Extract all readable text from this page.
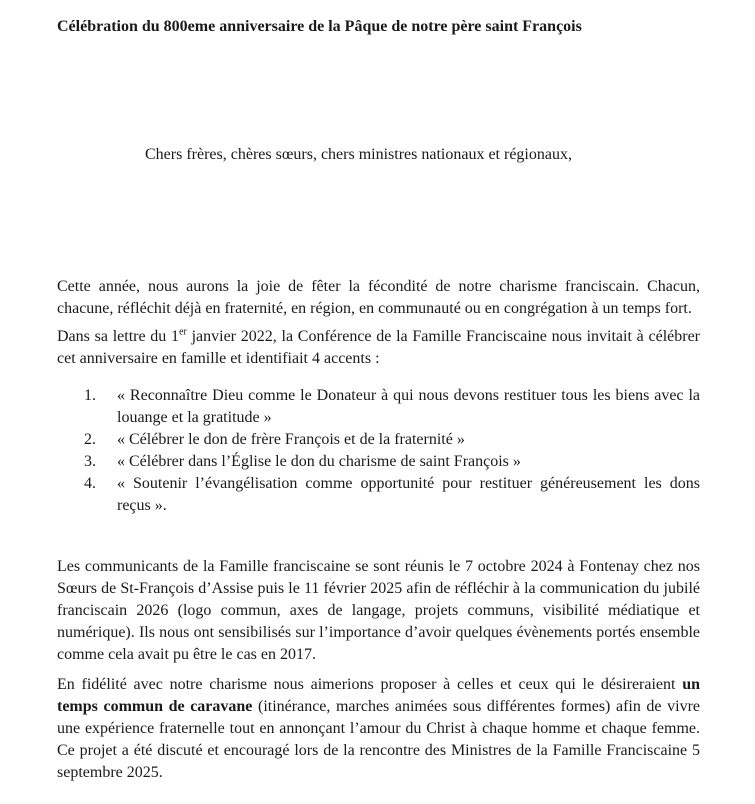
Célébration du 800eme anniversaire de la Pâque de notre père saint François

Chers frères, chères sœurs, chers ministres nationaux et régionaux,

Cette année, nous aurons la joie de fêter la fécondité de notre charisme franciscain. Chacun, chacune, réfléchit déjà en fraternité, en région, en communauté ou en congrégation à un temps fort.

Dans sa lettre du 1er janvier 2022, la Conférence de la Famille Franciscaine nous invitait à célébrer cet anniversaire en famille et identifiait 4 accents :

1.	« Reconnaître Dieu comme le Donateur à qui nous devons restituer tous les biens avec la louange et la gratitude »
2.	« Célébrer le don de frère François et de la fraternité »
3.	« Célébrer dans l’Église le don du charisme de saint François »
4.	« Soutenir l’évangélisation comme opportunité pour restituer généreusement les dons reçus ».

Les communicants de la Famille franciscaine se sont réunis le 7 octobre 2024 à Fontenay chez nos Sœurs de St-François d’Assise puis le 11 février 2025 afin de réfléchir à la communication du jubilé franciscain 2026 (logo commun, axes de langage, projets communs, visibilité médiatique et numérique). Ils nous ont sensibilisés sur l’importance d’avoir quelques évènements portés ensemble comme cela avait pu être le cas en 2017.

En fidélité avec notre charisme nous aimerions proposer à celles et ceux qui le désireraient un temps commun de caravane (itinérance, marches animées sous différentes formes) afin de vivre une expérience fraternelle tout en annonçant l’amour du Christ à chaque homme et chaque femme. Ce projet a été discuté et encouragé lors de la rencontre des Ministres de la Famille Franciscaine 5 septembre 2025.
